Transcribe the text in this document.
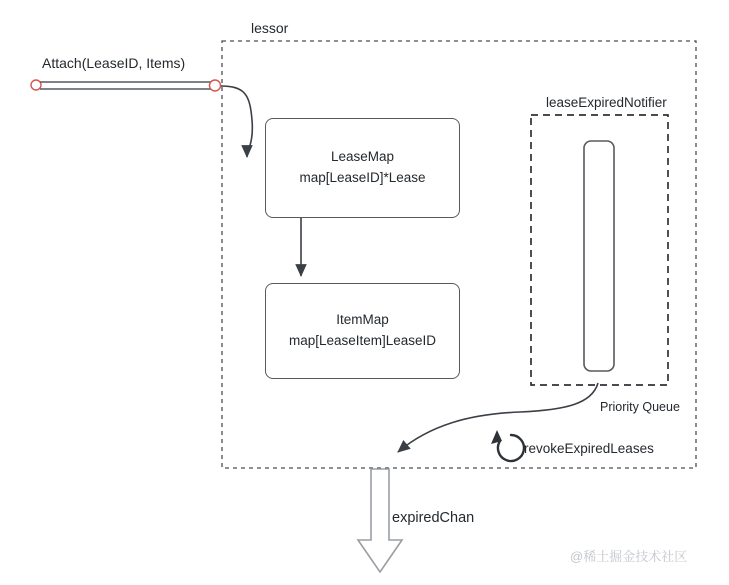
lessor
Attach(LeaseID, Items)
leaseExpiredNotifier
Priority Queue
revokeExpiredLeases
expiredChan
LeaseMap
map[LeaseID]*Lease
ItemMap
map[LeaseItem]LeaseID
@稀土掘金技术社区
